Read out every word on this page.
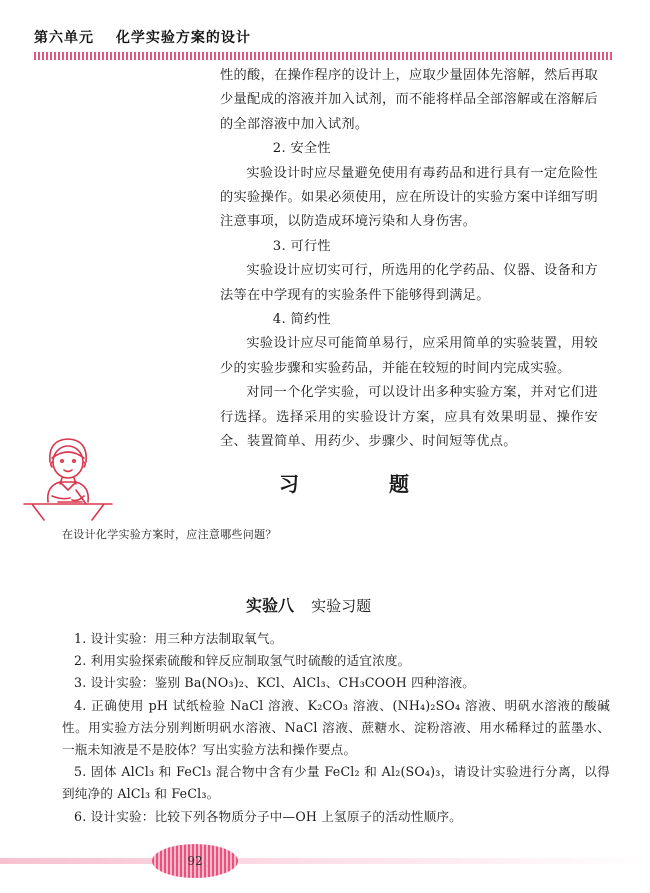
第六单元 化学实验方案的设计

性的酸，在操作程序的设计上，应取少量固体先溶解，然后再取少量配成的溶液并加入试剂，而不能将样品全部溶解或在溶解后的全部溶液中加入试剂。

2. 安全性

实验设计时应尽量避免使用有毒药品和进行具有一定危险性的实验操作。如果必须使用，应在所设计的实验方案中详细写明注意事项，以防造成环境污染和人身伤害。

3. 可行性

实验设计应切实可行，所选用的化学药品、仪器、设备和方法等在中学现有的实验条件下能够得到满足。

4. 简约性

实验设计应尽可能简单易行，应采用简单的实验装置，用较少的实验步骤和实验药品，并能在较短的时间内完成实验。

对同一个化学实验，可以设计出多种实验方案，并对它们进行选择。选择采用的实验设计方案，应具有效果明显、操作安全、装置简单、用药少、步骤少、时间短等优点。

习	题
在设计化学实验方案时，应注意哪些问题？
实验八 实验习题

1. 设计实验：用三种方法制取氧气。

2. 利用实验探索硫酸和锌反应制取氢气时硫酸的适宜浓度。

3. 设计实验：鉴别 Ba(NO₃)₂、KCl、AlCl₃、CH₃COOH 四种溶液。

4. 正确使用 pH 试纸检验 NaCl 溶液、K₂CO₃ 溶液、(NH₄)₂SO₄ 溶液、明矾水溶液的酸碱性。用实验方法分别判断明矾水溶液、NaCl 溶液、蔗糖水、淀粉溶液、用水稀释过的蓝墨水、一瓶未知液是不是胶体？写出实验方法和操作要点。

5. 固体 AlCl₃ 和 FeCl₃ 混合物中含有少量 FeCl₂ 和 Al₂(SO₄)₃，请设计实验进行分离，以得到纯净的 AlCl₃ 和 FeCl₃。

6. 设计实验：比较下列各物质分子中—OH 上氢原子的活动性顺序。

92
